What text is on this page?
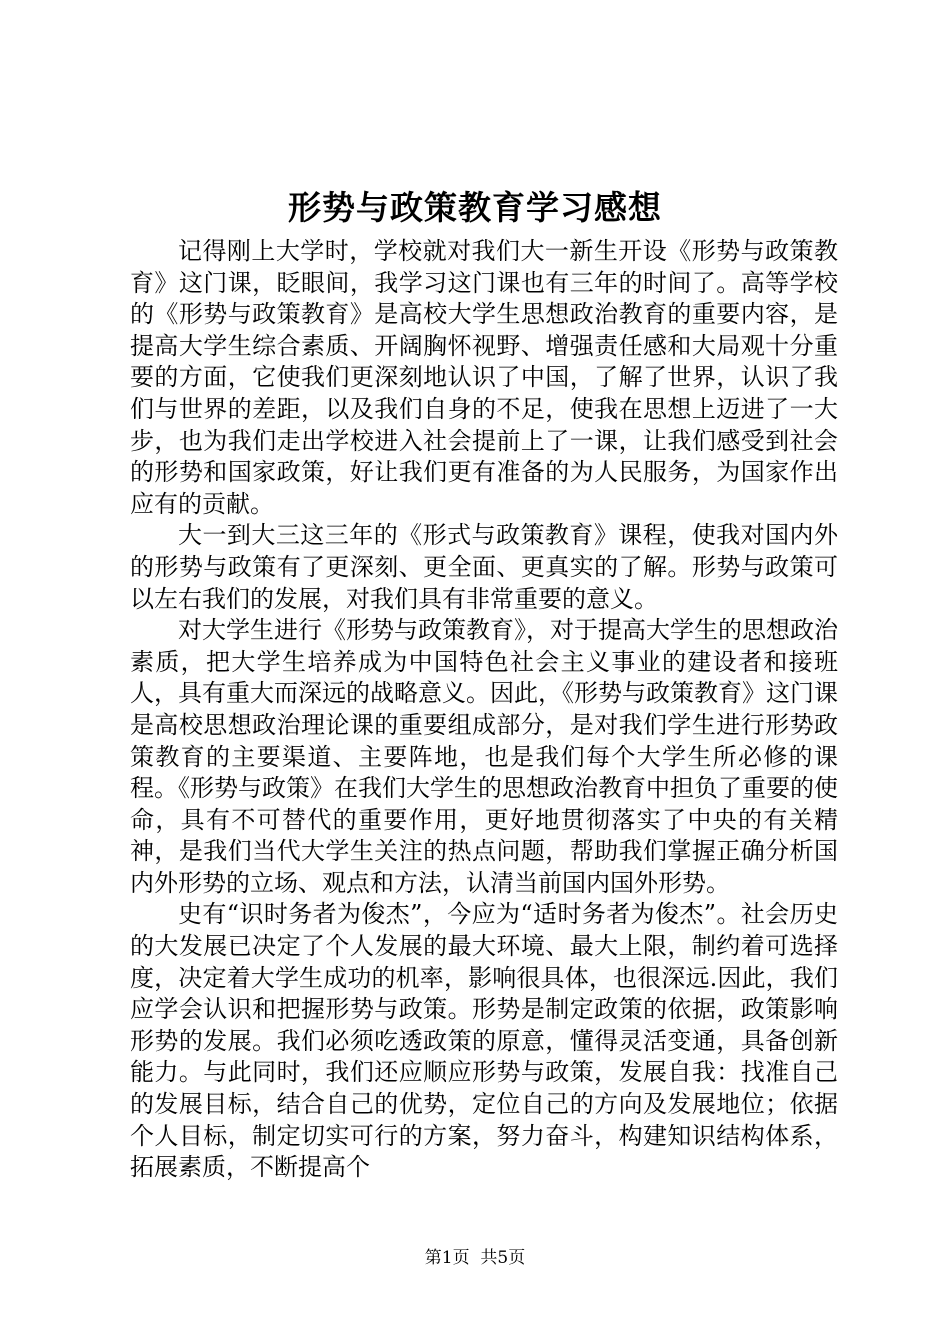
形势与政策教育学习感想

记得刚上大学时，学校就对我们大一新生开设《形势与政策教育》这门课，眨眼间，我学习这门课也有三年的时间了。高等学校的《形势与政策教育》是高校大学生思想政治教育的重要内容，是提高大学生综合素质、开阔胸怀视野、增强责任感和大局观十分重要的方面，它使我们更深刻地认识了中国，了解了世界，认识了我们与世界的差距，以及我们自身的不足，使我在思想上迈进了一大步，也为我们走出学校进入社会提前上了一课，让我们感受到社会的形势和国家政策，好让我们更有准备的为人民服务，为国家作出应有的贡献。

大一到大三这三年的《形式与政策教育》课程，使我对国内外的形势与政策有了更深刻、更全面、更真实的了解。形势与政策可以左右我们的发展，对我们具有非常重要的意义。

对大学生进行《形势与政策教育》，对于提高大学生的思想政治素质，把大学生培养成为中国特色社会主义事业的建设者和接班人，具有重大而深远的战略意义。因此，《形势与政策教育》这门课是高校思想政治理论课的重要组成部分，是对我们学生进行形势政策教育的主要渠道、主要阵地，也是我们每个大学生所必修的课程。《形势与政策》在我们大学生的思想政治教育中担负了重要的使命，具有不可替代的重要作用，更好地贯彻落实了中央的有关精神，是我们当代大学生关注的热点问题，帮助我们掌握正确分析国内外形势的立场、观点和方法，认清当前国内国外形势。

史有“识时务者为俊杰”，今应为“适时务者为俊杰”。社会历史的大发展已决定了个人发展的最大环境、最大上限，制约着可选择度，决定着大学生成功的机率，影响很具体，也很深远.因此，我们应学会认识和把握形势与政策。形势是制定政策的依据，政策影响形势的发展。我们必须吃透政策的原意，懂得灵活变通，具备创新能力。与此同时，我们还应顺应形势与政策，发展自我：找准自己的发展目标，结合自己的优势，定位自己的方向及发展地位；依据个人目标，制定切实可行的方案，努力奋斗，构建知识结构体系，拓展素质，不断提高个

第1页  共5页
